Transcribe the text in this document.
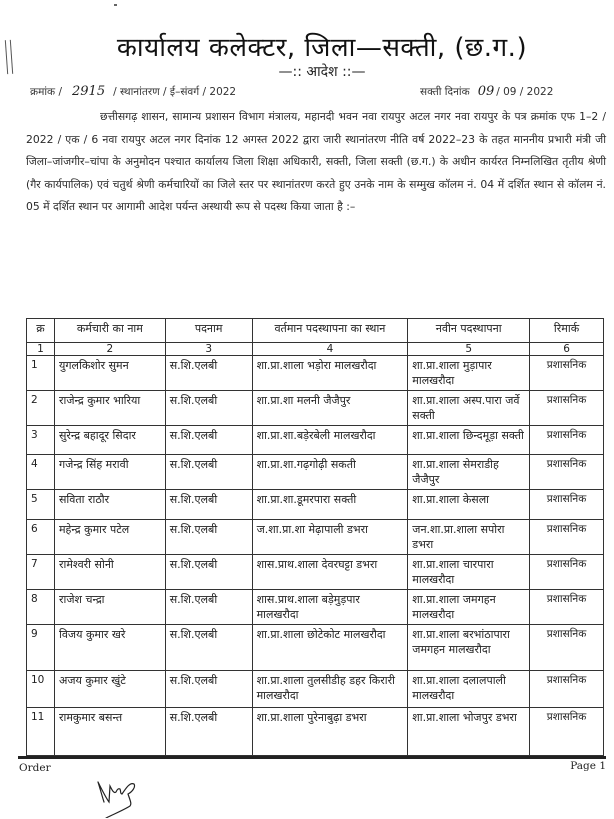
कार्यालय कलेक्टर, जिला—सक्ती, (छ.ग.)
—:: आदेश ::—
क्रमांक / 2915 / स्थानांतरण / ई–संवर्ग / 2022	सक्ती दिनांक 09 / 09 / 2022

छत्तीसगढ़ शासन, सामान्य प्रशासन विभाग मंत्रालय, महानदी भवन नवा रायपुर अटल नगर नवा रायपुर के पत्र क्रमांक एफ 1–2 / 2022 / एक / 6 नवा रायपुर अटल नगर दिनांक 12 अगस्त 2022 द्वारा जारी स्थानांतरण नीति वर्ष 2022–23 के तहत माननीय प्रभारी मंत्री जी जिला–जांजगीर–चांपा के अनुमोदन पश्चात कार्यालय जिला शिक्षा अधिकारी, सक्ती, जिला सक्ती (छ.ग.) के अधीन कार्यरत निम्नलिखित तृतीय श्रेणी (गैर कार्यपालिक) एवं चतुर्थ श्रेणी कर्मचारियों का जिले स्तर पर स्थानांतरण करते हुए उनके नाम के सम्मुख कॉलम नं. 04 में दर्शित स्थान से कॉलम नं. 05 में दर्शित स्थान पर आगामी आदेश पर्यन्त अस्थायी रूप से पदस्थ किया जाता है :–

क्र	कर्मचारी का नाम	पदनाम	वर्तमान पदस्थापना का स्थान	नवीन पदस्थापना	रिमार्क
1	2	3	4	5	6
1	युगलकिशोर सुमन	स.शि.एलबी	शा.प्रा.शाला भड़ोरा मालखरौदा	शा.प्रा.शाला मुड़ापार मालखरौदा	प्रशासनिक
2	राजेन्द्र कुमार भारिया	स.शि.एलबी	शा.प्रा.शा मलनी जैजैपुर	शा.प्रा.शाला अस्प.पारा जर्वे सक्ती	प्रशासनिक
3	सुरेन्द्र बहादूर सिदार	स.शि.एलबी	शा.प्रा.शा.बड़ेरबेली मालखरौदा	शा.प्रा.शाला छिन्दमूड़ा सक्ती	प्रशासनिक
4	गजेन्द्र सिंह मरावी	स.शि.एलबी	शा.प्रा.शा.गढ़गोढ़ी सकती	शा.प्रा.शाला सेमराडीह जैजैपुर	प्रशासनिक
5	सविता राठौर	स.शि.एलबी	शा.प्रा.शा.डूमरपारा सक्ती	शा.प्रा.शाला केसला	प्रशासनिक
6	महेन्द्र कुमार पटेल	स.शि.एलबी	ज.शा.प्रा.शा मेढ़ापाली डभरा	जन.शा.प्रा.शाला सपोरा डभरा	प्रशासनिक
7	रामेश्वरी सोनी	स.शि.एलबी	शास.प्राथ.शाला देवरघट्टा डभरा	शा.प्रा.शाला चारपारा मालखरौदा	प्रशासनिक
8	राजेश चन्द्रा	स.शि.एलबी	शास.प्राथ.शाला बड़ेमुड़पार मालखरौदा	शा.प्रा.शाला जमगहन मालखरौदा	प्रशासनिक
9	विजय कुमार खरे	स.शि.एलबी	शा.प्रा.शाला छोटेकोट मालखरौदा	शा.प्रा.शाला बरभांठापारा जमगहन मालखरौदा	प्रशासनिक
10	अजय कुमार खुंटे	स.शि.एलबी	शा.प्रा.शाला तुलसीडीह डहर किरारी मालखरौदा	शा.प्रा.शाला दलालपाली मालखरौदा	प्रशासनिक
11	रामकुमार बसन्त	स.शि.एलबी	शा.प्रा.शाला पुरेनाबुढ़ा डभरा	शा.प्रा.शाला भोजपुर डभरा	प्रशासनिक
Order	Page 1
